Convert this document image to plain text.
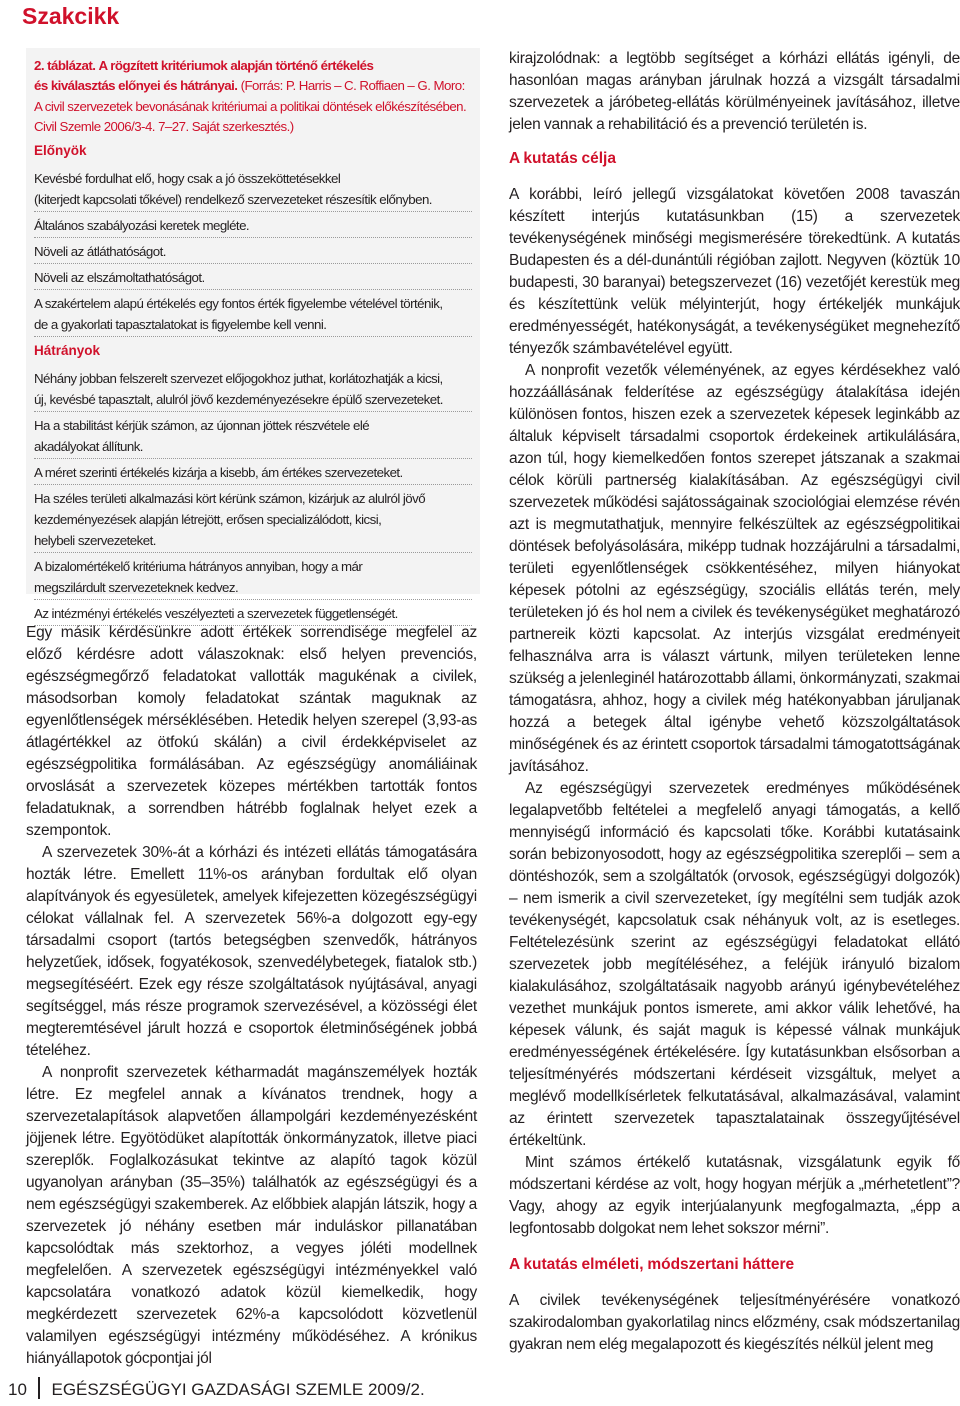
Szakcikk
2. táblázat. A rögzített kritériumok alapján történő értékelés
és kiválasztás előnyei és hátrányai. (Forrás: P. Harris – C. Roffiaen – G. Moro:
A civil szervezetek bevonásának kritériumai a politikai döntések előkészítésében.
Civil Szemle 2006/3-4. 7–27. Saját szerkesztés.)
Előnyök
Kevésbé fordulhat elő, hogy csak a jó összeköttetésekkel
(kiterjedt kapcsolati tőkével) rendelkező szervezeteket részesítik előnyben.
Általános szabályozási keretek megléte.
Növeli az átláthatóságot.
Növeli az elszámoltathatóságot.
A szakértelem alapú értékelés egy fontos érték figyelembe vételével történik,
de a gyakorlati tapasztalatokat is figyelembe kell venni.
Hátrányok
Néhány jobban felszerelt szervezet előjogokhoz juthat, korlátozhatják a kicsi,
új, kevésbé tapasztalt, alulról jövő kezdeményezésekre épülő szervezeteket.
Ha a stabilitást kérjük számon, az újonnan jöttek részvétele elé
akadályokat állítunk.
A méret szerinti értékelés kizárja a kisebb, ám értékes szervezeteket.
Ha széles területi alkalmazási kört kérünk számon, kizárjuk az alulról jövő
kezdeményezések alapján létrejött, erősen specializálódott, kicsi,
helybeli szervezeteket.
A bizalomértékelő kritériuma hátrányos annyiban, hogy a már
megszilárdult szervezeteknek kedvez.
Az intézményi értékelés veszélyezteti a szervezetek függetlenségét.

Egy másik kérdésünkre adott értékek sorrendisége megfelel az előző kérdésre adott válaszoknak: első helyen prevenciós, egészségmegőrző feladatokat vallották magukénak a civilek, másodsorban komoly feladatokat szántak maguknak az egyenlőtlenségek mérséklésében. Hetedik helyen szerepel (3,93-as átlagértékkel az ötfokú skálán) a civil érdekképviselet az egészségpolitika formálásában. Az egészségügy anomáliáinak orvoslását a szervezetek közepes mértékben tartották fontos feladatuknak, a sorrendben hátrébb foglalnak helyet ezek a szempontok.

A szervezetek 30%-át a kórházi és intézeti ellátás támogatására hozták létre. Emellett 11%-os arányban fordultak elő olyan alapítványok és egyesületek, amelyek kifejezetten közegészségügyi célokat vállalnak fel. A szervezetek 56%-a dolgozott egy-egy társadalmi csoport (tartós betegségben szenvedők, hátrányos helyzetűek, idősek, fogyatékosok, szenvedélybetegek, fiatalok stb.) megsegítéséért. Ezek egy része szolgáltatások nyújtásával, anyagi segítséggel, más része programok szervezésével, a közösségi élet megteremtésével járult hozzá e csoportok életminőségének jobbá tételéhez.

A nonprofit szervezetek kétharmadát magánszemélyek hozták létre. Ez megfelel annak a kívánatos trendnek, hogy a szervezetalapítások alapvetően állampolgári kezdeményezésként jöjjenek létre. Egyötödüket alapították önkormányzatok, illetve piaci szereplők. Foglalkozásukat tekintve az alapító tagok közül ugyanolyan arányban (35–35%) találhatók az egészségügyi és a nem egészségügyi szakemberek. Az előbbiek alapján látszik, hogy a szervezetek jó néhány esetben már induláskor pillanatában kapcsolódtak más szektorhoz, a vegyes jóléti modellnek megfelelően. A szervezetek egészségügyi intézményekkel való kapcsolatára vonatkozó adatok közül kiemelkedik, hogy megkérdezett szervezetek 62%-a kapcsolódott közvetlenül valamilyen egészségügyi intézmény működéséhez. A krónikus hiányállapotok gócpontjai jól

kirajzolódnak: a legtöbb segítséget a kórházi ellátás igényli, de hasonlóan magas arányban járulnak hozzá a vizsgált társadalmi szervezetek a járóbeteg-ellátás körülményeinek javításához, illetve jelen vannak a rehabilitáció és a prevenció területén is.

A kutatás célja

A korábbi, leíró jellegű vizsgálatokat követően 2008 tavaszán készített interjús kutatásunkban (15) a szervezetek tevékenységének minőségi megismerésére törekedtünk. A kutatás Budapesten és a dél-dunántúli régióban zajlott. Negyven (köztük 10 budapesti, 30 baranyai) betegszervezet (16) vezetőjét kerestük meg és készítettünk velük mélyinterjút, hogy értékeljék munkájuk eredményességét, hatékonyságát, a tevékenységüket megnehezítő tényezők számbavételével együtt.

A nonprofit vezetők véleményének, az egyes kérdésekhez való hozzáállásának felderítése az egészségügy átalakítása idején különösen fontos, hiszen ezek a szervezetek képesek leginkább az általuk képviselt társadalmi csoportok érdekeinek artikulálására, azon túl, hogy kiemelkedően fontos szerepet játszanak a szakmai célok körüli partnerség kialakításában. Az egészségügyi civil szervezetek működési sajátosságainak szociológiai elemzése révén azt is megmutathatjuk, mennyire felkészültek az egészségpolitikai döntések befolyásolására, miképp tudnak hozzájárulni a társadalmi, területi egyenlőtlenségek csökkentéséhez, milyen hiányokat képesek pótolni az egészségügy, szociális ellátás terén, mely területeken jó és hol nem a civilek és tevékenységüket meghatározó partnereik közti kapcsolat. Az interjús vizsgálat eredményeit felhasználva arra is választ vártunk, milyen területeken lenne szükség a jelenleginél határozottabb állami, önkormányzati, szakmai támogatásra, ahhoz, hogy a civilek még hatékonyabban járuljanak hozzá a betegek által igénybe vehető közszolgáltatások minőségének és az érintett csoportok társadalmi támogatottságának javításához.

Az egészségügyi szervezetek eredményes működésének legalapvetőbb feltételei a megfelelő anyagi támogatás, a kellő mennyiségű információ és kapcsolati tőke. Korábbi kutatásaink során bebizonyosodott, hogy az egészségpolitika szereplői – sem a döntéshozók, sem a szolgáltatók (orvosok, egészségügyi dolgozók) – nem ismerik a civil szervezeteket, így megítélni sem tudják azok tevékenységét, kapcsolatuk csak néhányuk volt, az is esetleges. Feltételezésünk szerint az egészségügyi feladatokat ellátó szervezetek jobb megítéléséhez, a feléjük irányuló bizalom kialakulásához, szolgáltatásaik nagyobb arányú igénybevételéhez vezethet munkájuk pontos ismerete, ami akkor válik lehetővé, ha képesek válunk, és saját maguk is képessé válnak munkájuk eredményességének értékelésére. Így kutatásunkban elsősorban a teljesítményérés módszertani kérdéseit vizsgáltuk, melyet a meglévő modellkísérletek felkutatásával, alkalmazásával, valamint az érintett szervezetek tapasztalatainak összegyűjtésével értékeltünk.

Mint számos értékelő kutatásnak, vizsgálatunk egyik fő módszertani kérdése az volt, hogy hogyan mérjük a „mérhetetlent”? Vagy, ahogy az egyik interjúalanyunk megfogalmazta, „épp a legfontosabb dolgokat nem lehet sokszor mérni”.

A kutatás elméleti, módszertani háttere

A civilek tevékenységének teljesítményérésére vonatkozó szakirodalomban gyakorlatilag nincs előzmény, csak módszertanilag gyakran nem elég megalapozott és kiegészítés nélkül jelent meg

10 EGÉSZSÉGÜGYI GAZDASÁGI SZEMLE 2009/2.
